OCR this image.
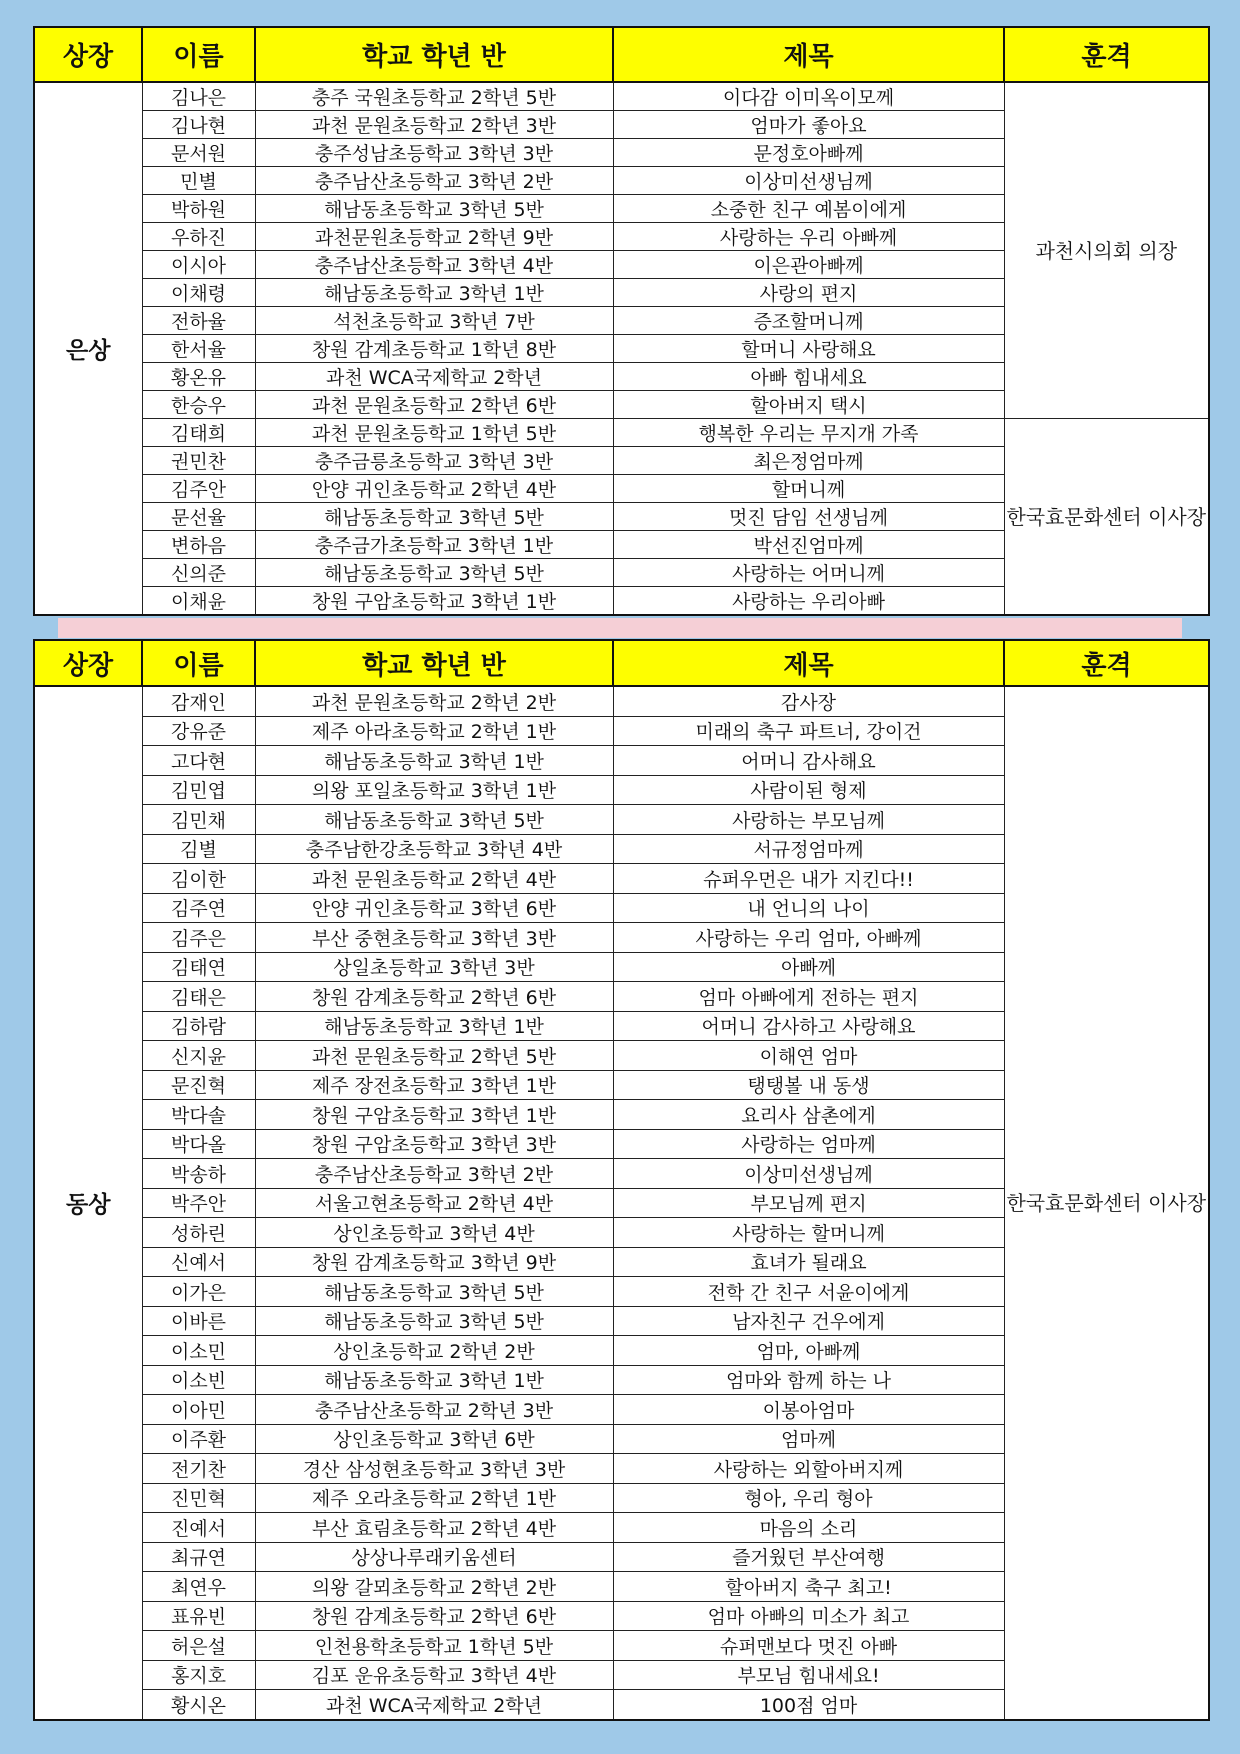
상장	이름	학교 학년 반	제목	훈격
은상	김나은	충주 국원초등학교 2학년 5반	이다감 이미옥이모께	과천시의회 의장
	김나현	과천 문원초등학교 2학년 3반	엄마가 좋아요	
	문서원	충주성남초등학교 3학년 3반	문정호아빠께	
	민별	충주남산초등학교 3학년 2반	이상미선생님께	
	박하원	해남동초등학교 3학년 5반	소중한 친구 예봄이에게	
	우하진	과천문원초등학교 2학년 9반	사랑하는 우리 아빠께	
	이시아	충주남산초등학교 3학년 4반	이은관아빠께	
	이채령	해남동초등학교 3학년 1반	사랑의 편지	
	전하율	석천초등학교 3학년 7반	증조할머니께	
	한서율	창원 감계초등학교 1학년 8반	할머니 사랑해요	
	황온유	과천 WCA국제학교 2학년	아빠 힘내세요	
	한승우	과천 문원초등학교 2학년 6반	할아버지 택시	
	김태희	과천 문원초등학교 1학년 5반	행복한 우리는 무지개 가족	한국효문화센터 이사장
	권민찬	충주금릉초등학교 3학년 3반	최은정엄마께	
	김주안	안양 귀인초등학교 2학년 4반	할머니께	
	문선율	해남동초등학교 3학년 5반	멋진 담임 선생님께	
	변하음	충주금가초등학교 3학년 1반	박선진엄마께	
	신의준	해남동초등학교 3학년 5반	사랑하는 어머니께	
	이채윤	창원 구암초등학교 3학년 1반	사랑하는 우리아빠	
상장	이름	학교 학년 반	제목	훈격
동상	감재인	과천 문원초등학교 2학년 2반	감사장	한국효문화센터 이사장
	강유준	제주 아라초등학교 2학년 1반	미래의 축구 파트너, 강이건	
	고다현	해남동초등학교 3학년 1반	어머니 감사해요	
	김민엽	의왕 포일초등학교 3학년 1반	사람이된 형제	
	김민채	해남동초등학교 3학년 5반	사랑하는 부모님께	
	김별	충주남한강초등학교 3학년 4반	서규정엄마께	
	김이한	과천 문원초등학교 2학년 4반	슈퍼우먼은 내가 지킨다!!	
	김주연	안양 귀인초등학교 3학년 6반	내 언니의 나이	
	김주은	부산 중현초등학교 3학년 3반	사랑하는 우리 엄마, 아빠께	
	김태연	상일초등학교 3학년 3반	아빠께	
	김태은	창원 감계초등학교 2학년 6반	엄마 아빠에게 전하는 편지	
	김하람	해남동초등학교 3학년 1반	어머니 감사하고 사랑해요	
	신지윤	과천 문원초등학교 2학년 5반	이해연 엄마	
	문진혁	제주 장전초등학교 3학년 1반	탱탱볼 내 동생	
	박다솔	창원 구암초등학교 3학년 1반	요리사 삼촌에게	
	박다올	창원 구암초등학교 3학년 3반	사랑하는 엄마께	
	박송하	충주남산초등학교 3학년 2반	이상미선생님께	
	박주안	서울고현초등학교 2학년 4반	부모님께 편지	
	성하린	상인초등학교 3학년 4반	사랑하는 할머니께	
	신예서	창원 감계초등학교 3학년 9반	효녀가 될래요	
	이가은	해남동초등학교 3학년 5반	전학 간 친구 서윤이에게	
	이바른	해남동초등학교 3학년 5반	남자친구 건우에게	
	이소민	상인초등학교 2학년 2반	엄마, 아빠께	
	이소빈	해남동초등학교 3학년 1반	엄마와 함께 하는 나	
	이아민	충주남산초등학교 2학년 3반	이봉아엄마	
	이주환	상인초등학교 3학년 6반	엄마께	
	전기찬	경산 삼성현초등학교 3학년 3반	사랑하는 외할아버지께	
	진민혁	제주 오라초등학교 2학년 1반	형아, 우리 형아	
	진예서	부산 효림초등학교 2학년 4반	마음의 소리	
	최규연	상상나루래키움센터	즐거웠던 부산여행	
	최연우	의왕 갈뫼초등학교 2학년 2반	할아버지 축구 최고!	
	표유빈	창원 감계초등학교 2학년 6반	엄마 아빠의 미소가 최고	
	허은설	인천용학초등학교 1학년 5반	슈퍼맨보다 멋진 아빠	
	홍지호	김포 운유초등학교 3학년 4반	부모님 힘내세요!	
	황시온	과천 WCA국제학교 2학년	100점 엄마	
